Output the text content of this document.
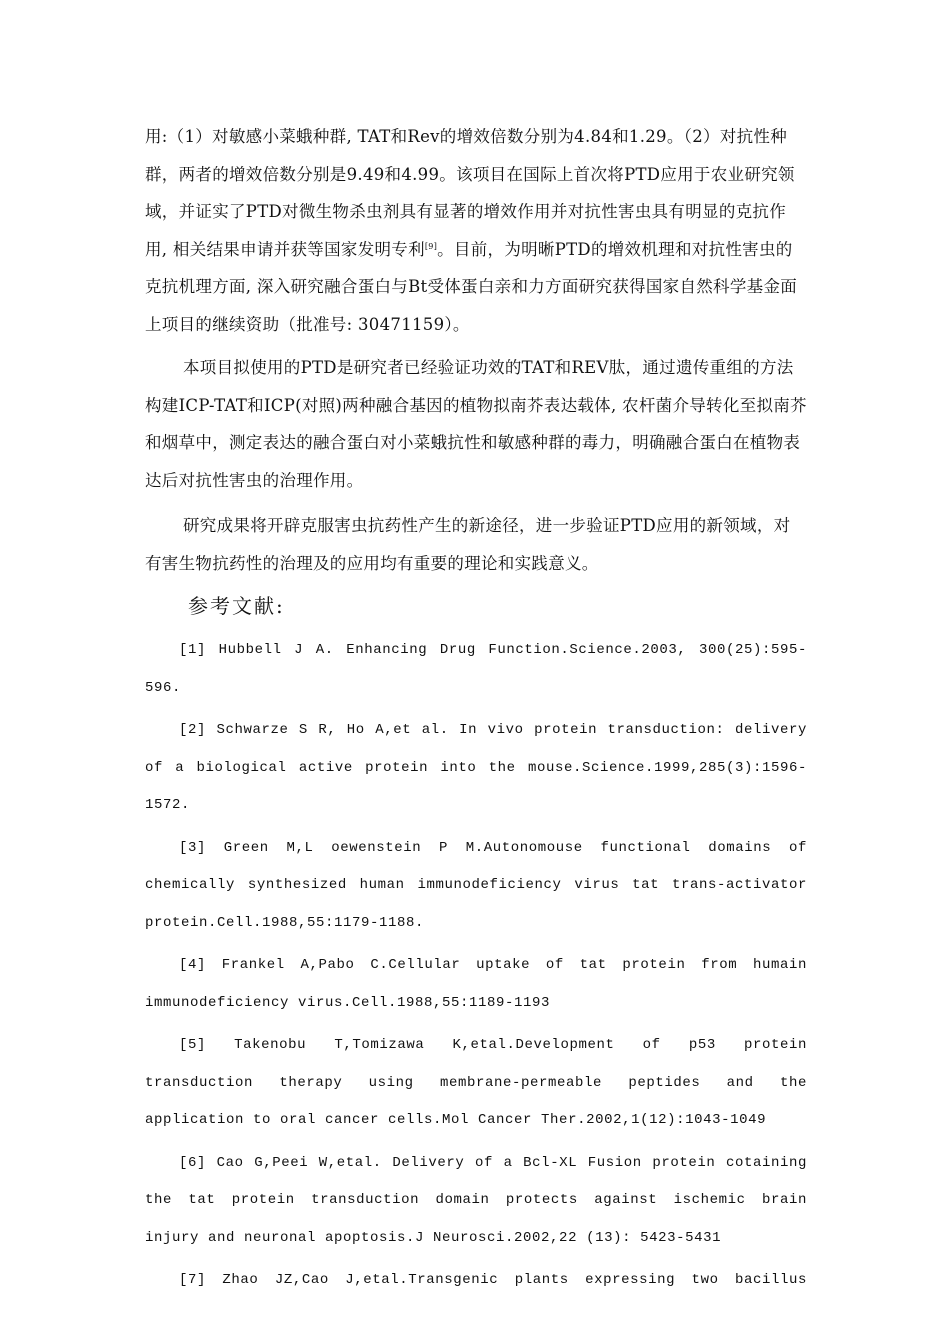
用:（1）对敏感小菜蛾种群, TAT和Rev的增效倍数分别为4.84和1.29。（2）对抗性种群，两者的增效倍数分别是9.49和4.99。该项目在国际上首次将PTD应用于农业研究领域，并证实了PTD对微生物杀虫剂具有显著的增效作用并对抗性害虫具有明显的克抗作用, 相关结果申请并获等国家发明专利[9]。目前，为明晰PTD的增效机理和对抗性害虫的克抗机理方面, 深入研究融合蛋白与Bt受体蛋白亲和力方面研究获得国家自然科学基金面上项目的继续资助（批准号: 30471159）。
本项目拟使用的PTD是研究者已经验证功效的TAT和REV肽，通过遗传重组的方法构建ICP-TAT和ICP(对照)两种融合基因的植物拟南芥表达载体, 农杆菌介导转化至拟南芥和烟草中，测定表达的融合蛋白对小菜蛾抗性和敏感种群的毒力，明确融合蛋白在植物表达后对抗性害虫的治理作用。
研究成果将开辟克服害虫抗药性产生的新途径，进一步验证PTD应用的新领域，对有害生物抗药性的治理及的应用均有重要的理论和实践意义。
参考文献:
[1] Hubbell J A. Enhancing Drug Function.Science.2003, 300(25):595-596.
[2] Schwarze S R, Ho A,et al. In vivo protein transduction: delivery of a biological active protein into the mouse.Science.1999,285(3):1596-1572.
[3] Green M,L oewenstein P M.Autonomouse functional domains of chemically synthesized human immunodeficiency virus tat trans-activator protein.Cell.1988,55:1179-1188.
[4] Frankel A,Pabo C.Cellular uptake of tat protein from humain immunodeficiency virus.Cell.1988,55:1189-1193
[5] Takenobu T,Tomizawa K,etal.Development of p53 protein transduction therapy using membrane-permeable peptides and the application to oral cancer cells.Mol Cancer Ther.2002,1(12):1043-1049
[6] Cao G,Peei W,etal. Delivery of a Bcl-XL Fusion protein cotaining the tat protein transduction domain protects against ischemic brain injury and neuronal apoptosis.J Neurosci.2002,22 (13): 5423-5431
[7] Zhao JZ,Cao J,etal.Transgenic plants expressing two bacillus
